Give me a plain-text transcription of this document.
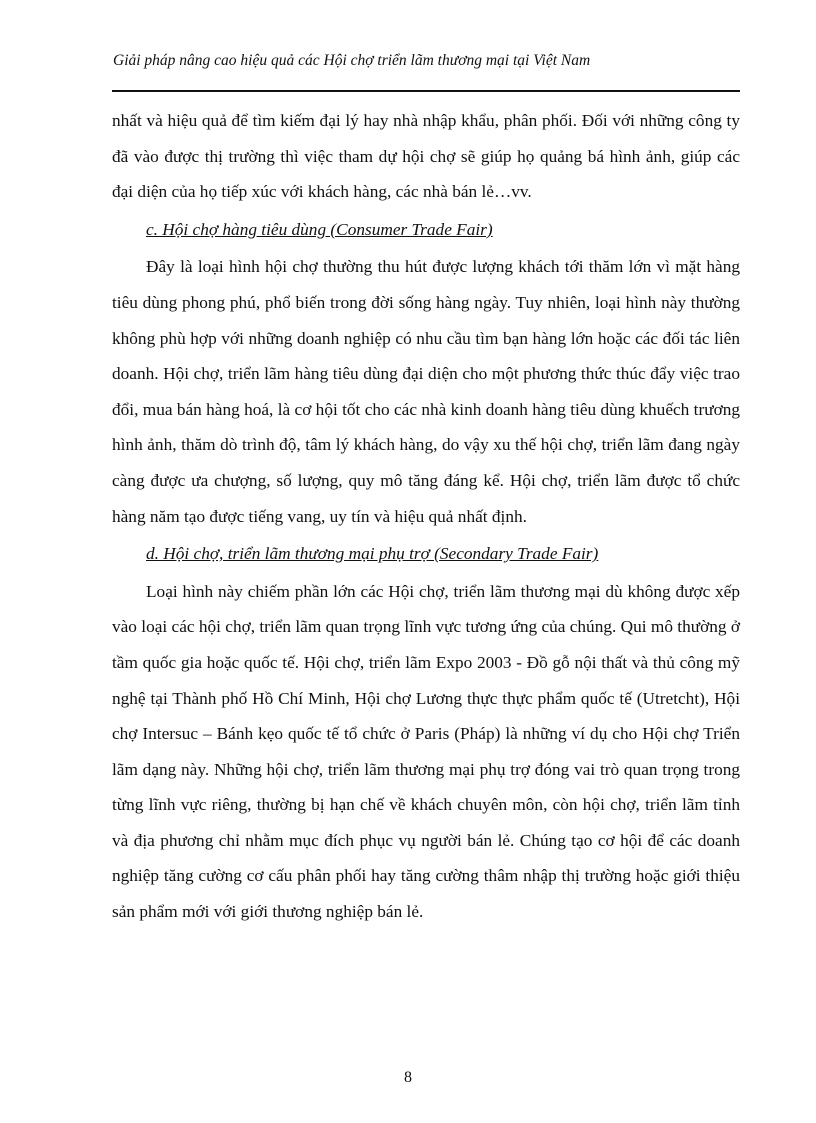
Giải pháp nâng cao hiệu quả các Hội chợ triển lãm thương mại tại Việt Nam

nhất và hiệu quả để tìm kiếm đại lý hay nhà nhập khẩu, phân phối. Đối với những công ty đã vào được thị trường thì việc tham dự hội chợ sẽ giúp họ quảng bá hình ảnh, giúp các đại diện của họ tiếp xúc với khách hàng, các nhà bán lẻ…vv.

c. Hội chợ hàng tiêu dùng (Consumer Trade Fair)

Đây là loại hình hội chợ thường thu hút được lượng khách tới thăm lớn vì mặt hàng tiêu dùng phong phú, phổ biến trong đời sống hàng ngày. Tuy nhiên, loại hình này thường không phù hợp với những doanh nghiệp có nhu cầu tìm bạn hàng lớn hoặc các đối tác liên doanh. Hội chợ, triển lãm hàng tiêu dùng đại diện cho một phương thức thúc đẩy việc trao đổi, mua bán hàng hoá, là cơ hội tốt cho các nhà kinh doanh hàng tiêu dùng khuếch trương hình ảnh, thăm dò trình độ, tâm lý khách hàng, do vậy xu thế hội chợ, triển lãm đang ngày càng được ưa chượng, số lượng, quy mô tăng đáng kể. Hội chợ, triển lãm được tổ chức hàng năm tạo được tiếng vang, uy tín và hiệu quả nhất định.

d. Hội chợ, triển lãm thương mại phụ trợ (Secondary Trade Fair)

Loại hình này chiếm phần lớn các Hội chợ, triển lãm thương mại dù không được xếp vào loại các hội chợ, triển lãm quan trọng lĩnh vực tương ứng của chúng. Qui mô thường ở tầm quốc gia hoặc quốc tế. Hội chợ, triển lãm Expo 2003 - Đồ gỗ nội thất và thủ công mỹ nghệ tại Thành phố Hồ Chí Minh, Hội chợ Lương thực thực phẩm quốc tế (Utretcht), Hội chợ Intersuc – Bánh kẹo quốc tế tổ chức ở Paris (Pháp) là những ví dụ cho Hội chợ Triển lãm dạng này. Những hội chợ, triển lãm thương mại phụ trợ đóng vai trò quan trọng trong từng lĩnh vực riêng, thường bị hạn chế về khách chuyên môn, còn hội chợ, triển lãm tỉnh và địa phương chỉ nhằm mục đích phục vụ người bán lẻ. Chúng tạo cơ hội để các doanh nghiệp tăng cường cơ cấu phân phối hay tăng cường thâm nhập thị trường hoặc giới thiệu sản phẩm mới với giới thương nghiệp bán lẻ.

8
